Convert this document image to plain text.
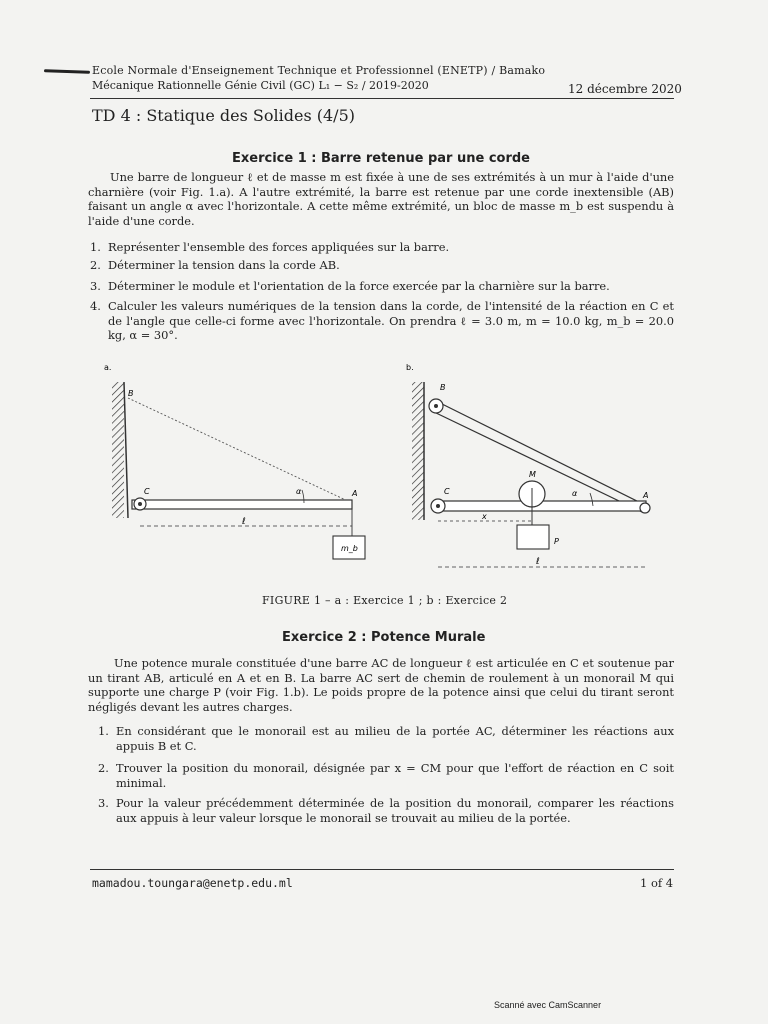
Ecole Normale d'Enseignement Technique et Professionnel (ENETP) / Bamako
Mécanique Rationnelle Génie Civil (GC) L₁ − S₂ / 2019-2020	12 décembre 2020
TD 4 : Statique des Solides (4/5)
Exercice 1 : Barre retenue par une corde
Une barre de longueur ℓ et de masse m est fixée à une de ses extrémités à un mur à l'aide d'une charnière (voir Fig. 1.a). A l'autre extrémité, la barre est retenue par une corde inextensible (AB) faisant un angle α avec l'horizontale. A cette même extrémité, un bloc de masse m_b est suspendu à l'aide d'une corde.
1. Représenter l'ensemble des forces appliquées sur la barre.
2. Déterminer la tension dans la corde AB.
3. Déterminer le module et l'orientation de la force exercée par la charnière sur la barre.
4. Calculer les valeurs numériques de la tension dans la corde, de l'intensité de la réaction en C et de l'angle que celle-ci forme avec l'horizontale. On prendra ℓ = 3.0 m, m = 10.0 kg, m_b = 20.0 kg, α = 30°.
a.
B
C	A
α
ℓ
m_b
b.
B
C	A
M
α
x
ℓ
P
FIGURE 1 – a : Exercice 1 ; b : Exercice 2
Exercice 2 : Potence Murale
Une potence murale constituée d'une barre AC de longueur ℓ est articulée en C et soutenue par un tirant AB, articulé en A et en B. La barre AC sert de chemin de roulement à un monorail M qui supporte une charge P (voir Fig. 1.b). Le poids propre de la potence ainsi que celui du tirant seront négligés devant les autres charges.
1. En considérant que le monorail est au milieu de la portée AC, déterminer les réactions aux appuis B et C.
2. Trouver la position du monorail, désignée par x = CM pour que l'effort de réaction en C soit minimal.
3. Pour la valeur précédemment déterminée de la position du monorail, comparer les réactions aux appuis à leur valeur lorsque le monorail se trouvait au milieu de la portée.
mamadou.toungara@enetp.edu.ml	1 of 4
Scanné avec CamScanner
